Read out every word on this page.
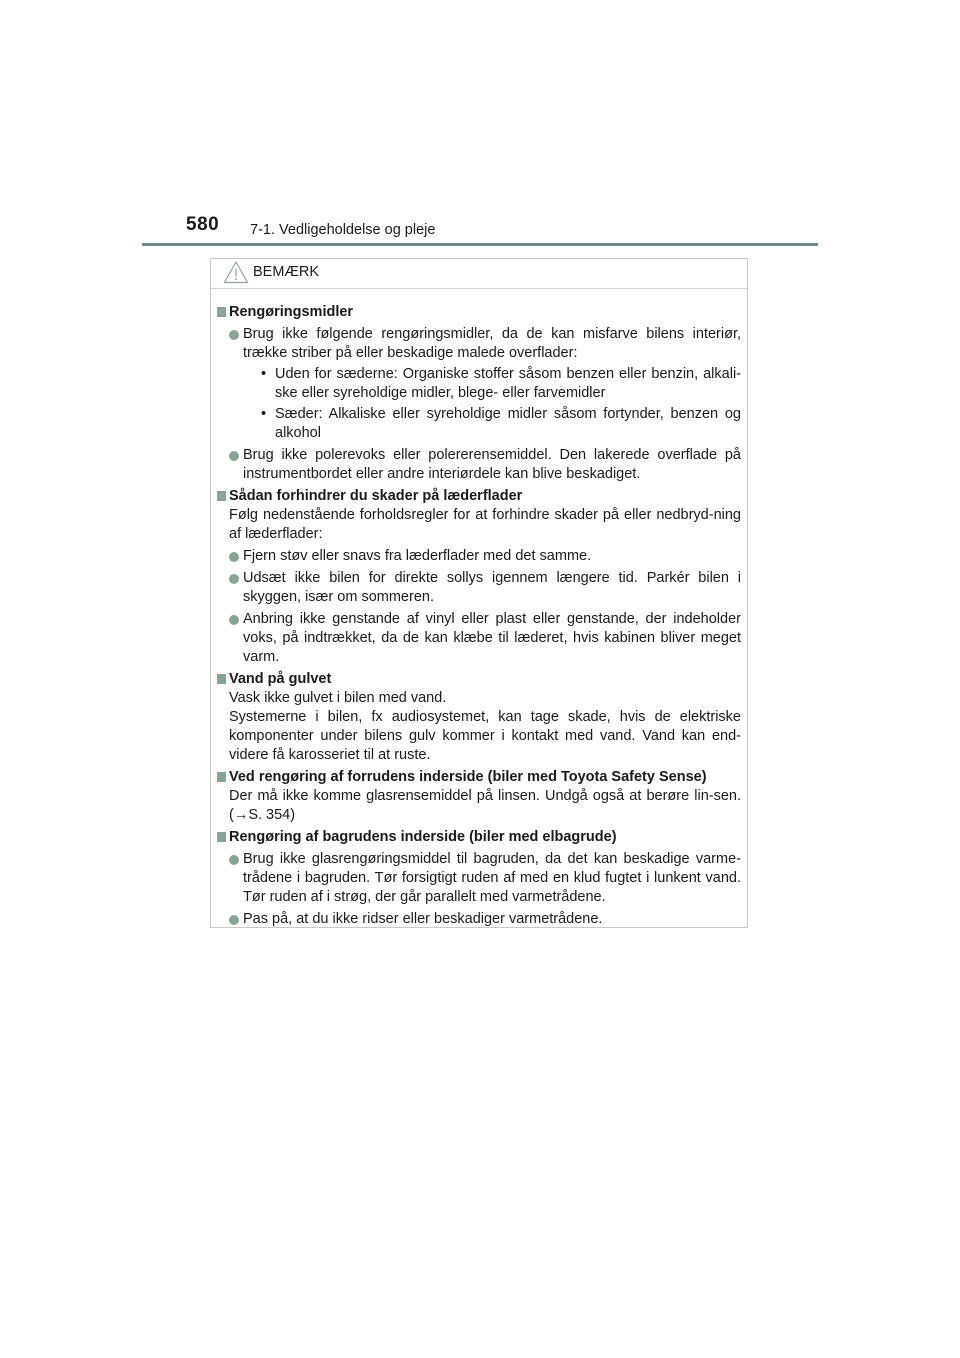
580 7-1. Vedligeholdelse og pleje
BEMÆRK
Rengøringsmidler
Brug ikke følgende rengøringsmidler, da de kan misfarve bilens interiør, trække striber på eller beskadige malede overflader:
• Uden for sæderne: Organiske stoffer såsom benzen eller benzin, alkali-ske eller syreholdige midler, blege- eller farvemidler
• Sæder: Alkaliske eller syreholdige midler såsom fortynder, benzen og alkohol
Brug ikke polerevoks eller polererensemiddel. Den lakerede overflade på instrumentbordet eller andre interiørdele kan blive beskadiget.
Sådan forhindrer du skader på læderflader
Følg nedenstående forholdsregler for at forhindre skader på eller nedbryd-ning af læderflader:
Fjern støv eller snavs fra læderflader med det samme.
Udsæt ikke bilen for direkte sollys igennem længere tid. Parkér bilen i skyggen, især om sommeren.
Anbring ikke genstande af vinyl eller plast eller genstande, der indeholder voks, på indtrækket, da de kan klæbe til læderet, hvis kabinen bliver meget varm.
Vand på gulvet
Vask ikke gulvet i bilen med vand.
Systemerne i bilen, fx audiosystemet, kan tage skade, hvis de elektriske komponenter under bilens gulv kommer i kontakt med vand. Vand kan end-videre få karosseriet til at ruste.
Ved rengøring af forrudens inderside (biler med Toyota Safety Sense)
Der må ikke komme glasrensemiddel på linsen. Undgå også at berøre lin-sen. (→S. 354)
Rengøring af bagrudens inderside (biler med elbagrude)
Brug ikke glasrengøringsmiddel til bagruden, da det kan beskadige varme-trådene i bagruden. Tør forsigtigt ruden af med en klud fugtet i lunkent vand. Tør ruden af i strøg, der går parallelt med varmetrådene.
Pas på, at du ikke ridser eller beskadiger varmetrådene.
